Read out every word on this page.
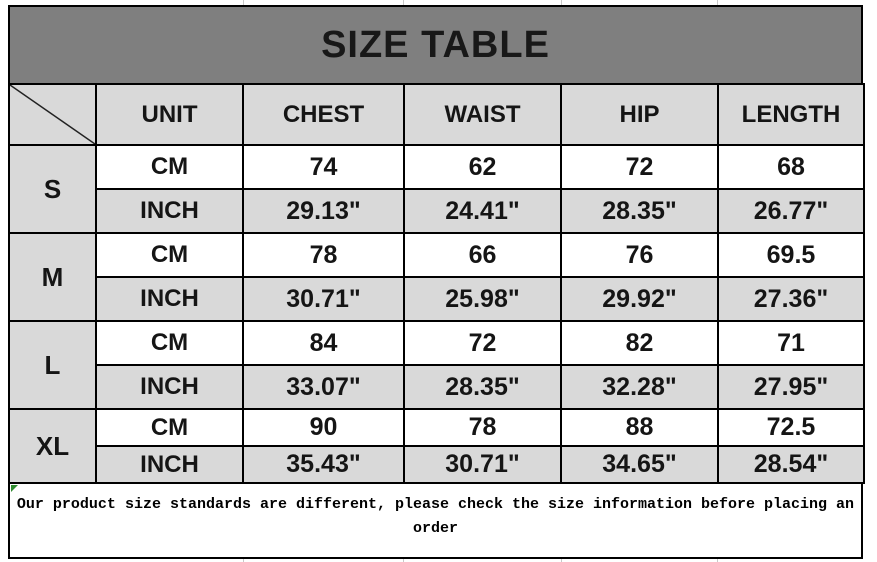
SIZE TABLE
	UNIT	CHEST	WAIST	HIP	LENGTH
S	CM	74	62	72	68
	INCH	29.13"	24.41"	28.35"	26.77"
M	CM	78	66	76	69.5
	INCH	30.71"	25.98"	29.92"	27.36"
L	CM	84	72	82	71
	INCH	33.07"	28.35"	32.28"	27.95"
XL	CM	90	78	88	72.5
	INCH	35.43"	30.71"	34.65"	28.54"
Our product size standards are different, please check the size information before placing an order
